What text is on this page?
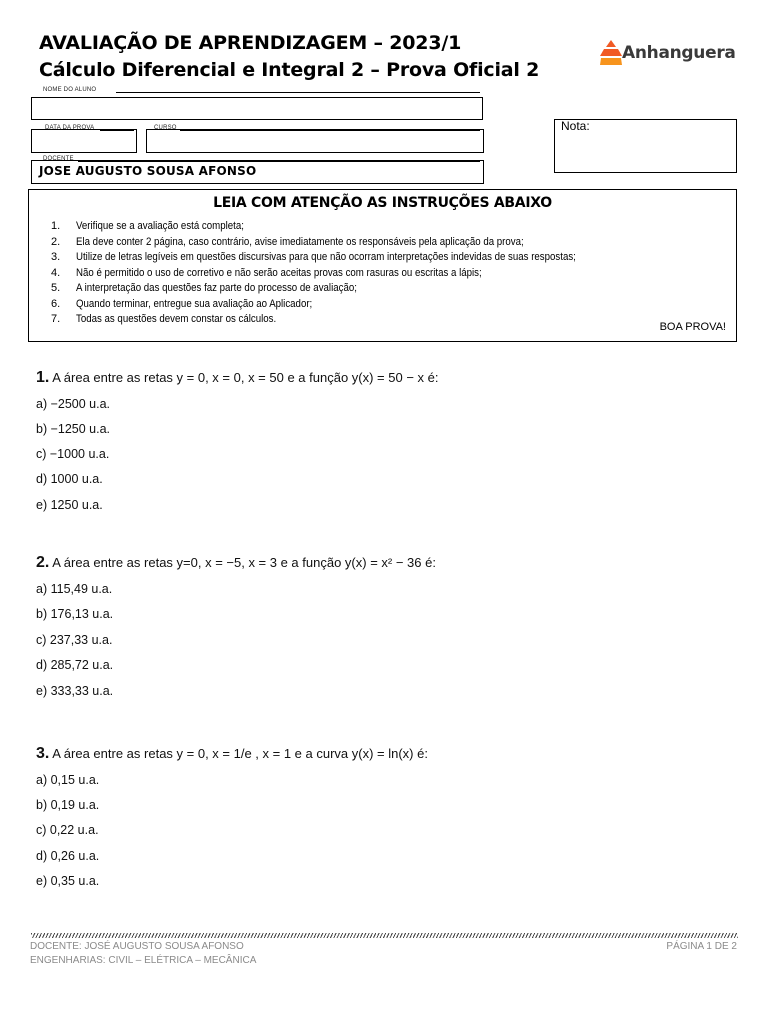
AVALIAÇÃO DE APRENDIZAGEM – 2023/1
Cálculo Diferencial e Integral 2 – Prova Oficial 2
Anhanguera
NOME DO ALUNO
DATA DA PROVA	CURSO
DOCENTE
JOSE AUGUSTO SOUSA AFONSO
Nota:
LEIA COM ATENÇÃO AS INSTRUÇÕES ABAIXO
1. Verifique se a avaliação está completa;
2. Ela deve conter 2 página, caso contrário, avise imediatamente os responsáveis pela aplicação da prova;
3. Utilize de letras legíveis em questões discursivas para que não ocorram interpretações indevidas de suas respostas;
4. Não é permitido o uso de corretivo e não serão aceitas provas com rasuras ou escritas a lápis;
5. A interpretação das questões faz parte do processo de avaliação;
6. Quando terminar, entregue sua avaliação ao Aplicador;
7. Todas as questões devem constar os cálculos.
BOA PROVA!
1. A área entre as retas y = 0, x = 0, x = 50 e a função y(x) = 50 − x é:
a) −2500 u.a.
b) −1250 u.a.
c) −1000 u.a.
d) 1000 u.a.
e) 1250 u.a.
2. A área entre as retas y=0, x = −5, x = 3 e a função y(x) = x² − 36 é:
a) 115,49 u.a.
b) 176,13 u.a.
c) 237,33 u.a.
d) 285,72 u.a.
e) 333,33 u.a.
3. A área entre as retas y = 0, x = 1/e , x = 1 e a curva y(x) = ln(x) é:
a) 0,15 u.a.
b) 0,19 u.a.
c) 0,22 u.a.
d) 0,26 u.a.
e) 0,35 u.a.
DOCENTE: JOSÉ AUGUSTO SOUSA AFONSO
ENGENHARIAS: CIVIL – ELÉTRICA – MECÂNICA
PÁGINA 1 DE 2
